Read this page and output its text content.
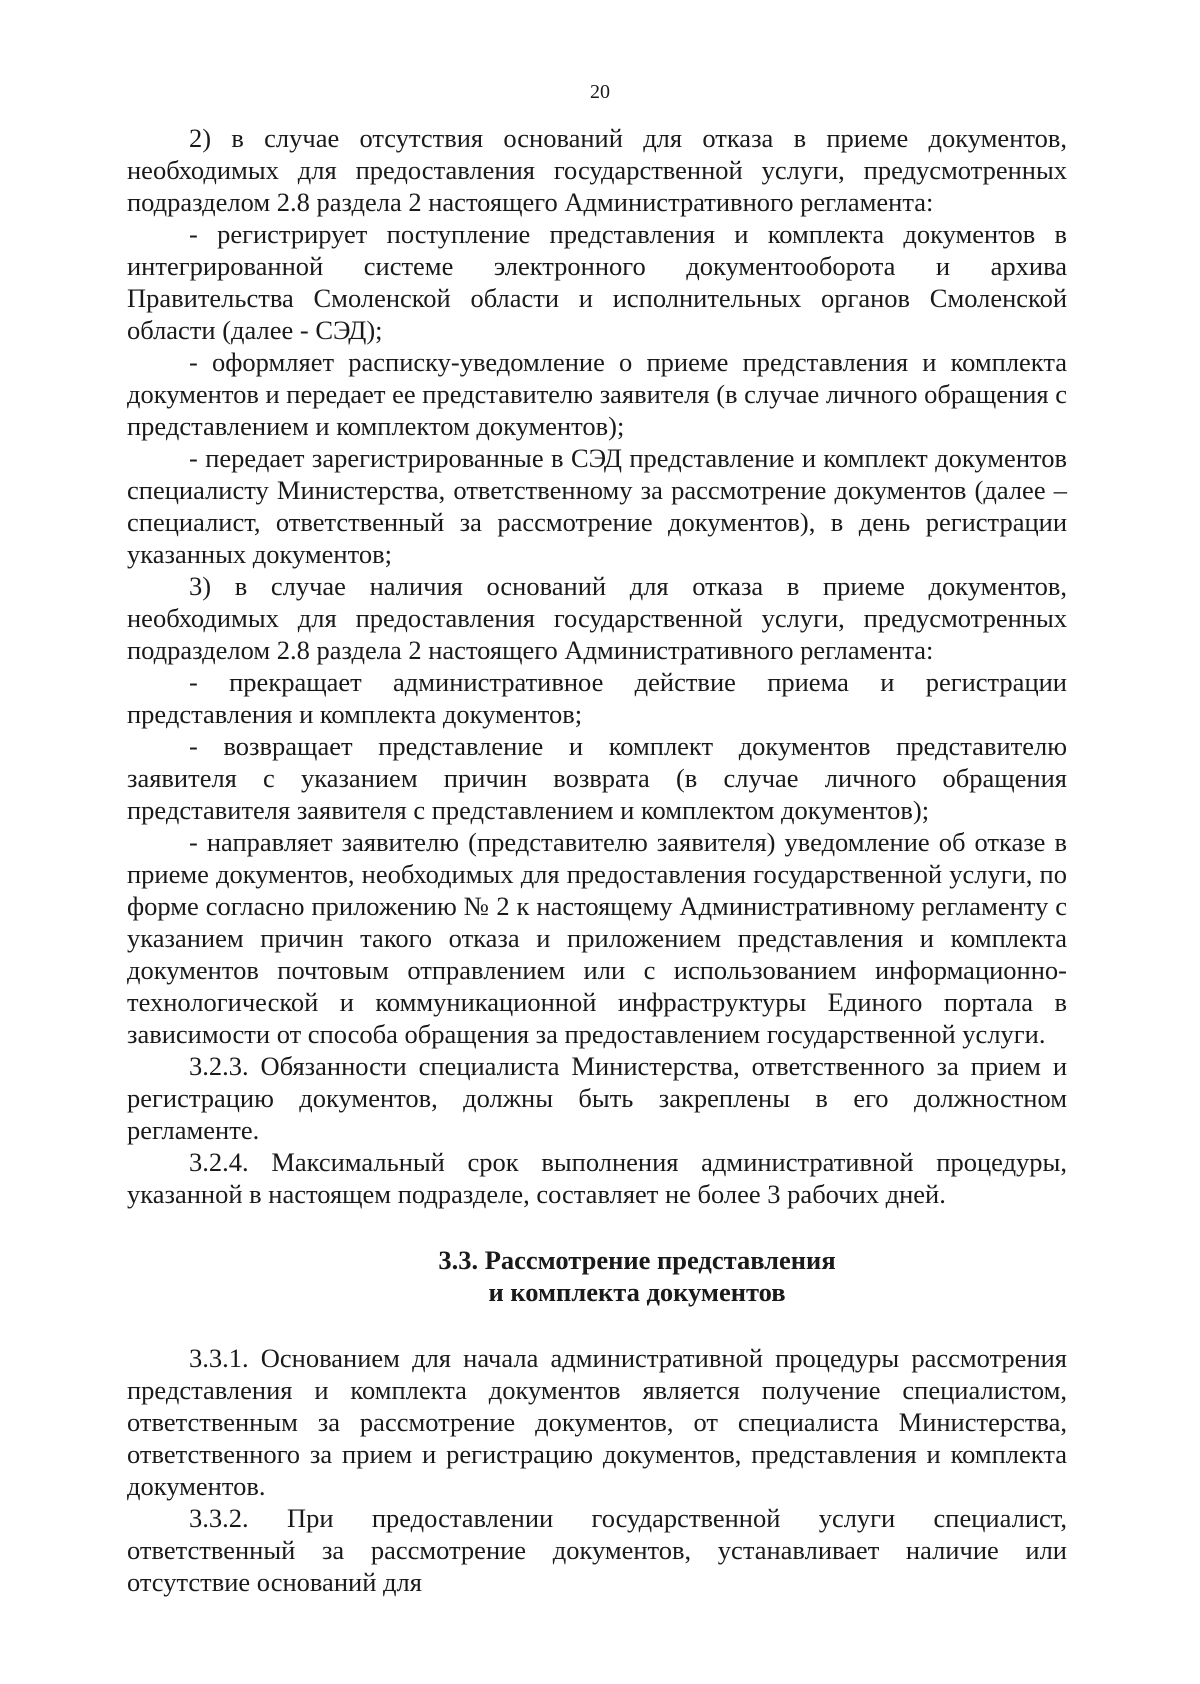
20

2) в случае отсутствия оснований для отказа в приеме документов, необходимых для предоставления государственной услуги, предусмотренных подразделом 2.8 раздела 2 настоящего Административного регламента:

- регистрирует поступление представления и комплекта документов в интегрированной системе электронного документооборота и архива Правительства Смоленской области и исполнительных органов Смоленской области (далее - СЭД);

- оформляет расписку-уведомление о приеме представления и комплекта документов и передает ее представителю заявителя (в случае личного обращения с представлением и комплектом документов);

- передает зарегистрированные в СЭД представление и комплект документов специалисту Министерства, ответственному за рассмотрение документов (далее – специалист, ответственный за рассмотрение документов), в день регистрации указанных документов;

3) в случае наличия оснований для отказа в приеме документов, необходимых для предоставления государственной услуги, предусмотренных подразделом 2.8 раздела 2 настоящего Административного регламента:

- прекращает административное действие приема и регистрации представления и комплекта документов;

- возвращает представление и комплект документов представителю заявителя с указанием причин возврата (в случае личного обращения представителя заявителя с представлением и комплектом документов);

- направляет заявителю (представителю заявителя) уведомление об отказе в приеме документов, необходимых для предоставления государственной услуги, по форме согласно приложению № 2 к настоящему Административному регламенту с указанием причин такого отказа и приложением представления и комплекта документов почтовым отправлением или с использованием информационно-технологической и коммуникационной инфраструктуры Единого портала в зависимости от способа обращения за предоставлением государственной услуги.

3.2.3. Обязанности специалиста Министерства, ответственного за прием и регистрацию документов, должны быть закреплены в его должностном регламенте.

3.2.4. Максимальный срок выполнения административной процедуры, указанной в настоящем подразделе, составляет не более 3 рабочих дней.

3.3. Рассмотрение представления
и комплекта документов

3.3.1. Основанием для начала административной процедуры рассмотрения представления и комплекта документов является получение специалистом, ответственным за рассмотрение документов, от специалиста Министерства, ответственного за прием и регистрацию документов, представления и комплекта документов.

3.3.2. При предоставлении государственной услуги специалист, ответственный за рассмотрение документов, устанавливает наличие или отсутствие оснований для
